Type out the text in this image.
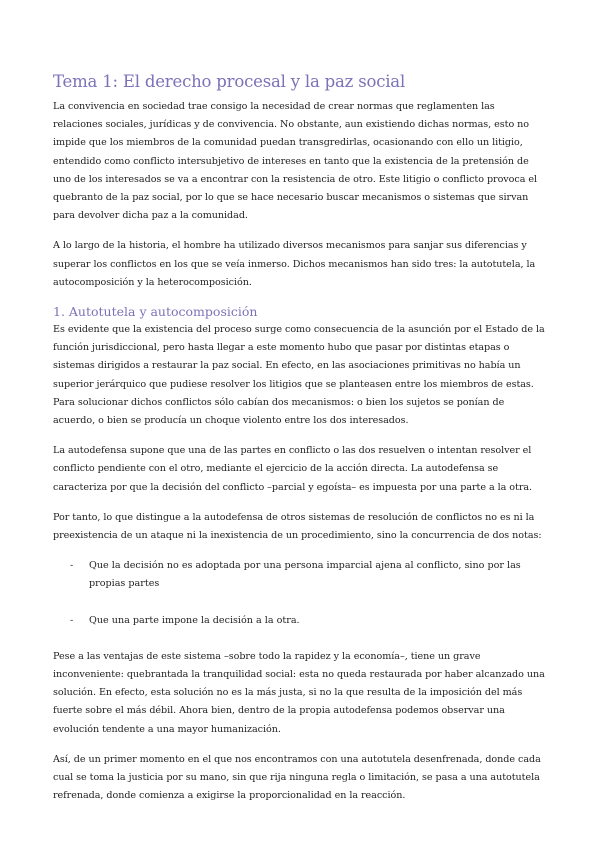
Tema 1: El derecho procesal y la paz social

La convivencia en sociedad trae consigo la necesidad de crear normas que reglamenten las relaciones sociales, jurídicas y de convivencia. No obstante, aun existiendo dichas normas, esto no impide que los miembros de la comunidad puedan transgredirlas, ocasionando con ello un litigio, entendido como conflicto intersubjetivo de intereses en tanto que la existencia de la pretensión de uno de los interesados se va a encontrar con la resistencia de otro. Este litigio o conflicto provoca el quebranto de la paz social, por lo que se hace necesario buscar mecanismos o sistemas que sirvan para devolver dicha paz a la comunidad.

A lo largo de la historia, el hombre ha utilizado diversos mecanismos para sanjar sus diferencias y superar los conflictos en los que se veía inmerso. Dichos mecanismos han sido tres: la autotutela, la autocomposición y la heterocomposición.

1. Autotutela y autocomposición

Es evidente que la existencia del proceso surge como consecuencia de la asunción por el Estado de la función jurisdiccional, pero hasta llegar a este momento hubo que pasar por distintas etapas o sistemas dirigidos a restaurar la paz social. En efecto, en las asociaciones primitivas no había un superior jerárquico que pudiese resolver los litigios que se planteasen entre los miembros de estas. Para solucionar dichos conflictos sólo cabían dos mecanismos: o bien los sujetos se ponían de acuerdo, o bien se producía un choque violento entre los dos interesados.

La autodefensa supone que una de las partes en conflicto o las dos resuelven o intentan resolver el conflicto pendiente con el otro, mediante el ejercicio de la acción directa. La autodefensa se caracteriza por que la decisión del conflicto –parcial y egoísta– es impuesta por una parte a la otra.

Por tanto, lo que distingue a la autodefensa de otros sistemas de resolución de conflictos no es ni la preexistencia de un ataque ni la inexistencia de un procedimiento, sino la concurrencia de dos notas:

- Que la decisión no es adoptada por una persona imparcial ajena al conflicto, sino por las propias partes
- Que una parte impone la decisión a la otra.

Pese a las ventajas de este sistema –sobre todo la rapidez y la economía–, tiene un grave inconveniente: quebrantada la tranquilidad social: esta no queda restaurada por haber alcanzado una solución. En efecto, esta solución no es la más justa, si no la que resulta de la imposición del más fuerte sobre el más débil. Ahora bien, dentro de la propia autodefensa podemos observar una evolución tendente a una mayor humanización.

Así, de un primer momento en el que nos encontramos con una autotutela desenfrenada, donde cada cual se toma la justicia por su mano, sin que rija ninguna regla o limitación, se pasa a una autotutela refrenada, donde comienza a exigirse la proporcionalidad en la reacción.
